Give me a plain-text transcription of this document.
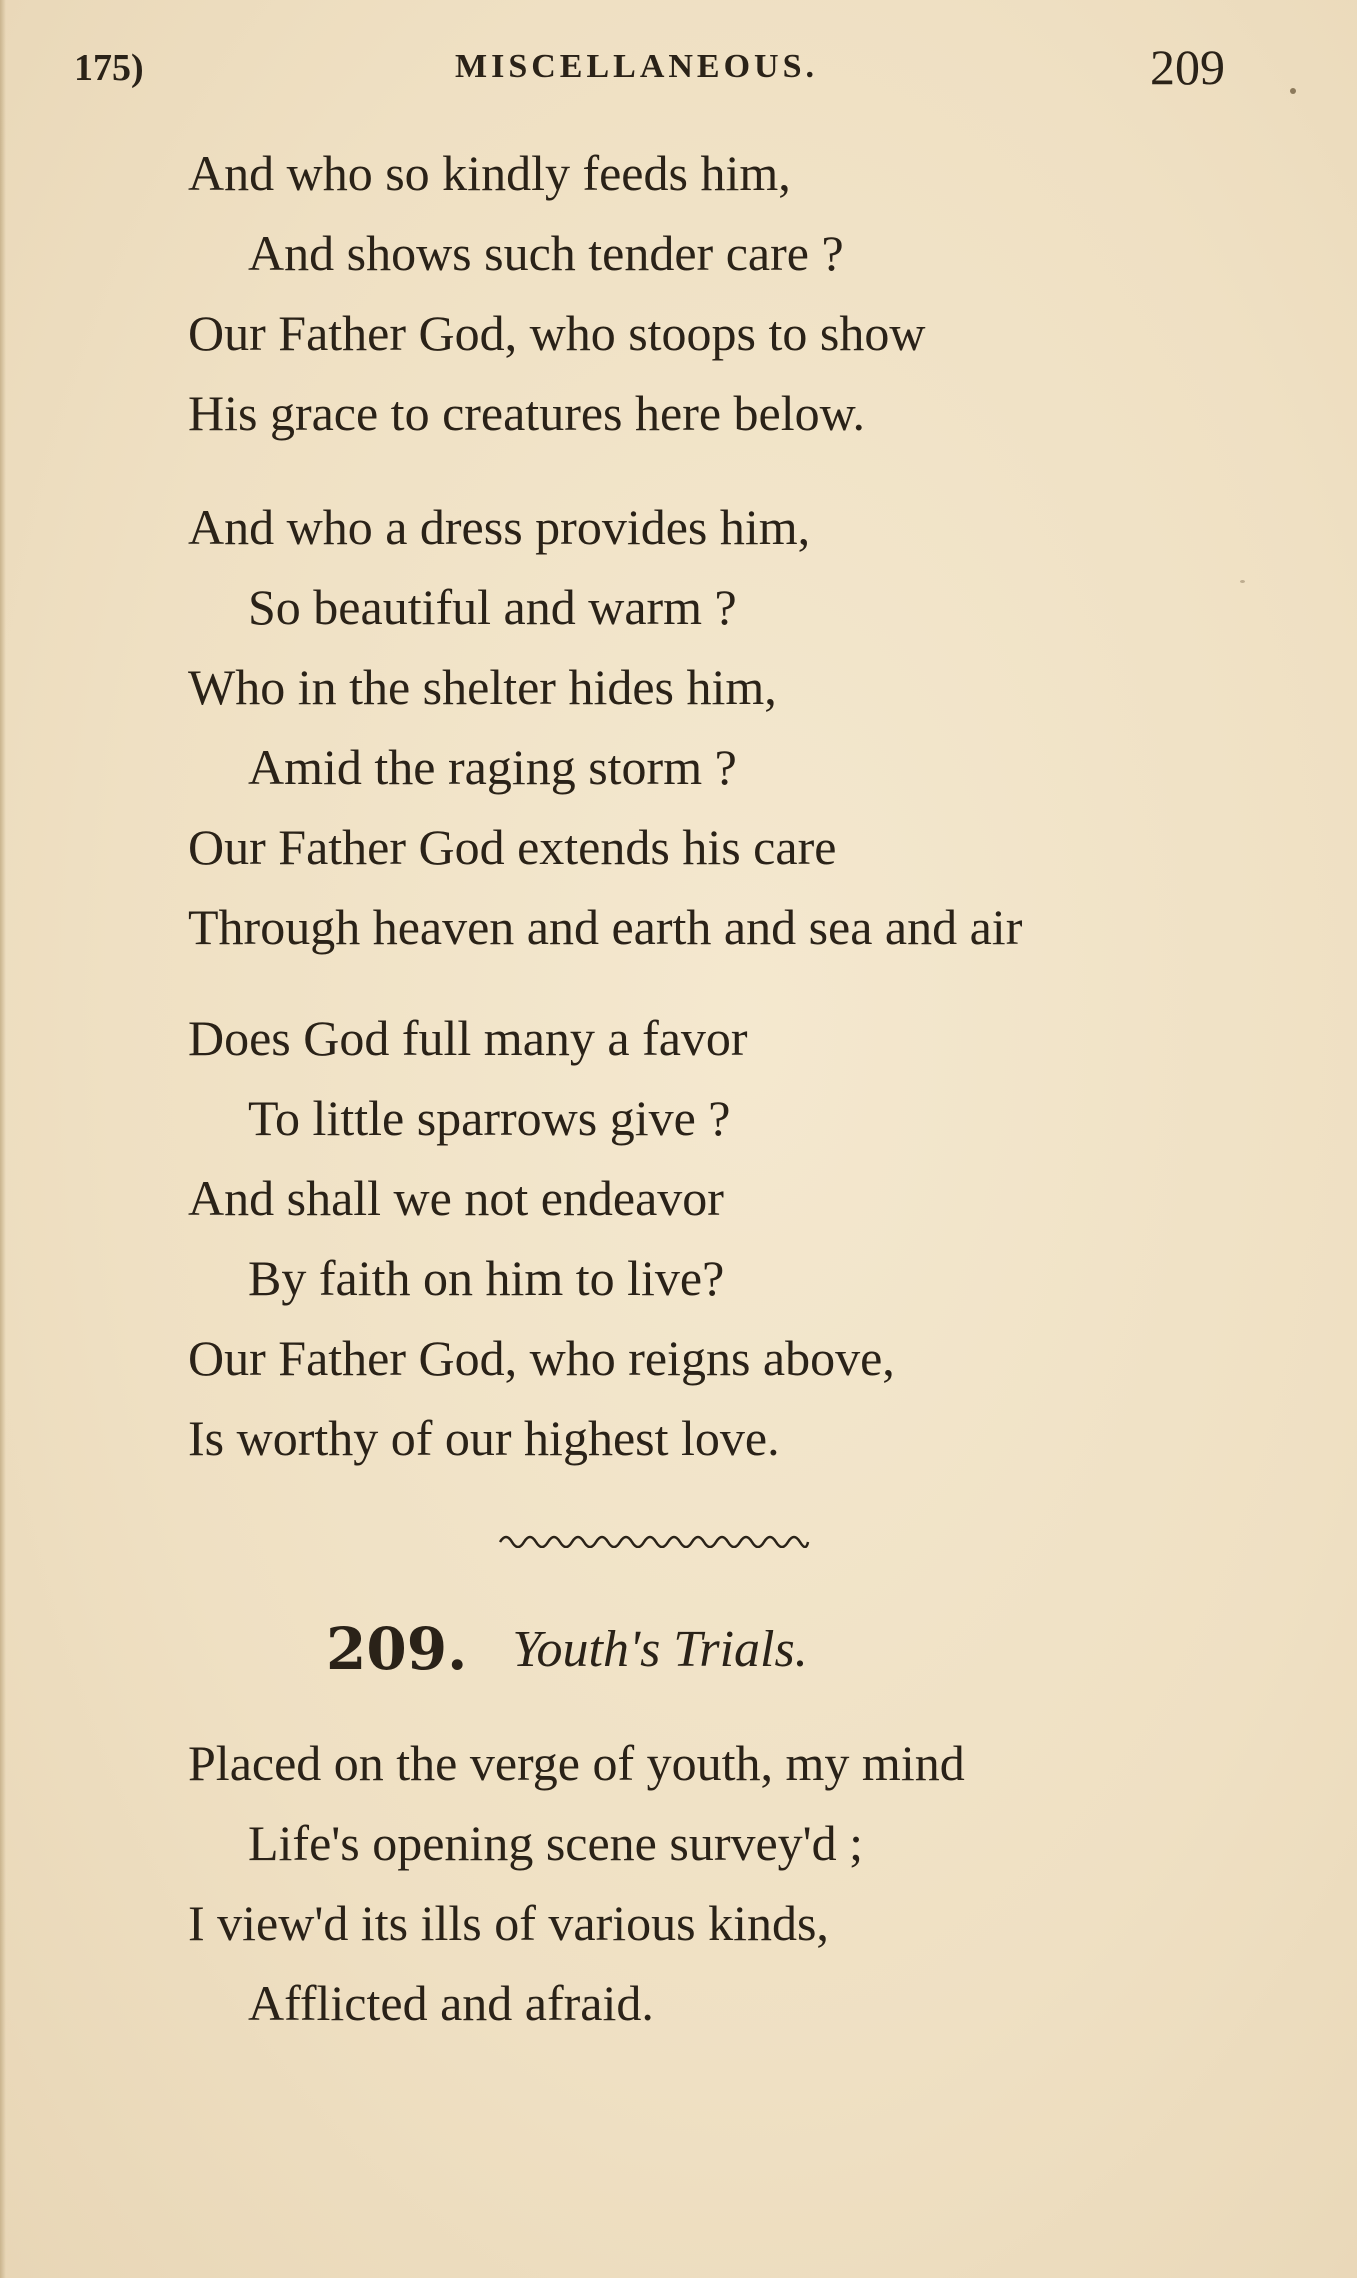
175)	MISCELLANEOUS.	209
And who so kindly feeds him,
And shows such tender care ?
Our Father God, who stoops to show
His grace to creatures here below.
And who a dress provides him,
So beautiful and warm ?
Who in the shelter hides him,
Amid the raging storm ?
Our Father God extends his care
Through heaven and earth and sea and air
Does God full many a favor
To little sparrows give ?
And shall we not endeavor
By faith on him to live?
Our Father God, who reigns above,
Is worthy of our highest love.
209. Youth's Trials.
Placed on the verge of youth, my mind
Life's opening scene survey'd ;
I view'd its ills of various kinds,
Afflicted and afraid.
